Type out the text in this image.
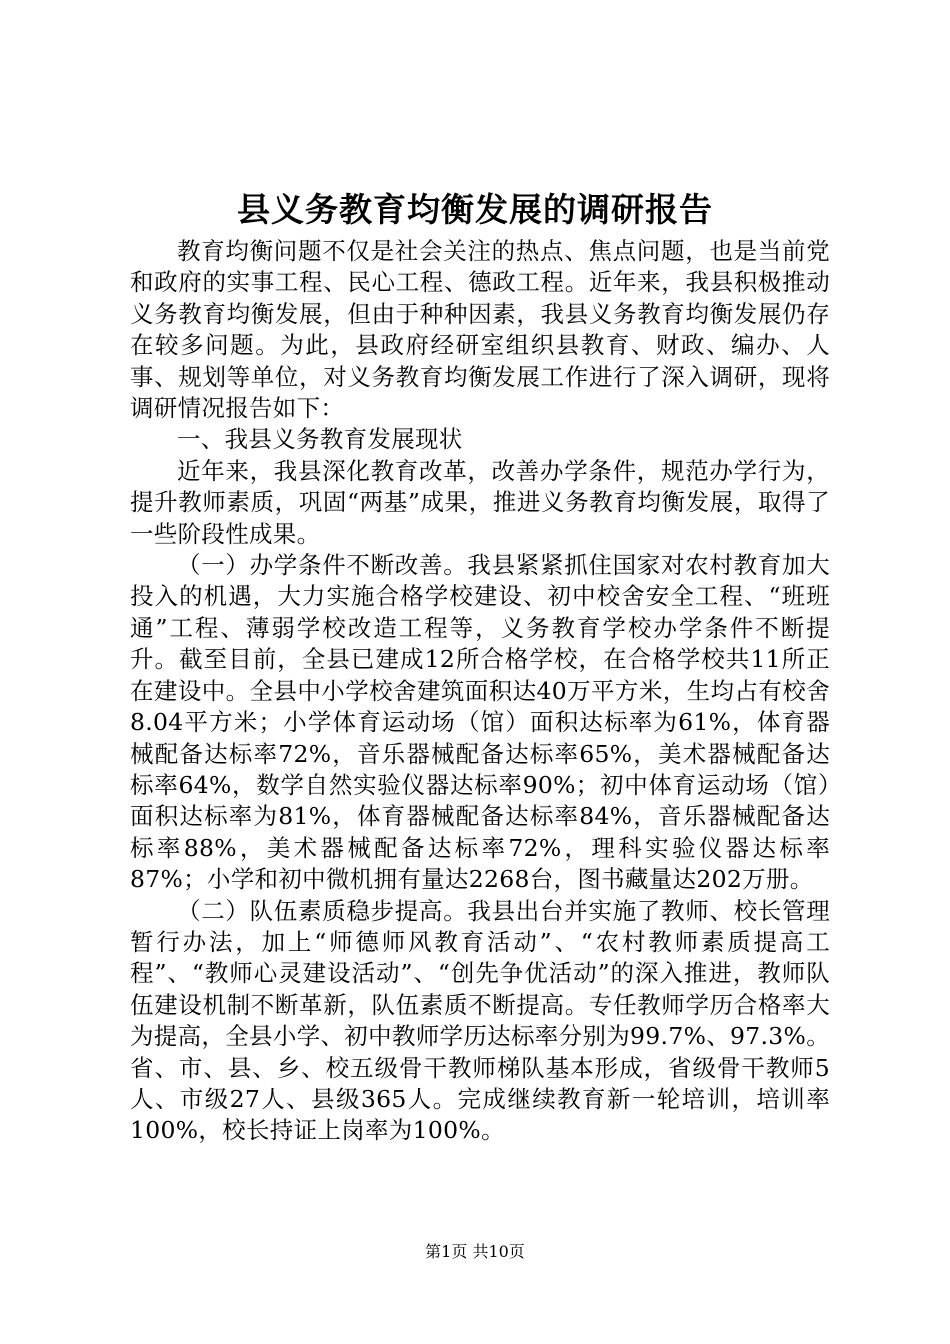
县义务教育均衡发展的调研报告

教育均衡问题不仅是社会关注的热点、焦点问题，也是当前党和政府的实事工程、民心工程、德政工程。近年来，我县积极推动义务教育均衡发展，但由于种种因素，我县义务教育均衡发展仍存在较多问题。为此，县政府经研室组织县教育、财政、编办、人事、规划等单位，对义务教育均衡发展工作进行了深入调研，现将调研情况报告如下：

一、我县义务教育发展现状

近年来，我县深化教育改革，改善办学条件，规范办学行为，提升教师素质，巩固“两基”成果，推进义务教育均衡发展，取得了一些阶段性成果。

（一）办学条件不断改善。我县紧紧抓住国家对农村教育加大投入的机遇，大力实施合格学校建设、初中校舍安全工程、“班班通”工程、薄弱学校改造工程等，义务教育学校办学条件不断提升。截至目前，全县已建成12所合格学校，在合格学校共11所正在建设中。全县中小学校舍建筑面积达40万平方米，生均占有校舍8.04平方米；小学体育运动场（馆）面积达标率为61%，体育器械配备达标率72%，音乐器械配备达标率65%，美术器械配备达标率64%，数学自然实验仪器达标率90%；初中体育运动场（馆）面积达标率为81%，体育器械配备达标率84%，音乐器械配备达标率88%，美术器械配备达标率72%，理科实验仪器达标率87%；小学和初中微机拥有量达2268台，图书藏量达202万册。

（二）队伍素质稳步提高。我县出台并实施了教师、校长管理暂行办法，加上“师德师风教育活动”、“农村教师素质提高工程”、“教师心灵建设活动”、“创先争优活动”的深入推进，教师队伍建设机制不断革新，队伍素质不断提高。专任教师学历合格率大为提高，全县小学、初中教师学历达标率分别为99.7%、97.3%。省、市、县、乡、校五级骨干教师梯队基本形成，省级骨干教师5人、市级27人、县级365人。完成继续教育新一轮培训，培训率100%，校长持证上岗率为100%。

第1页 共10页
